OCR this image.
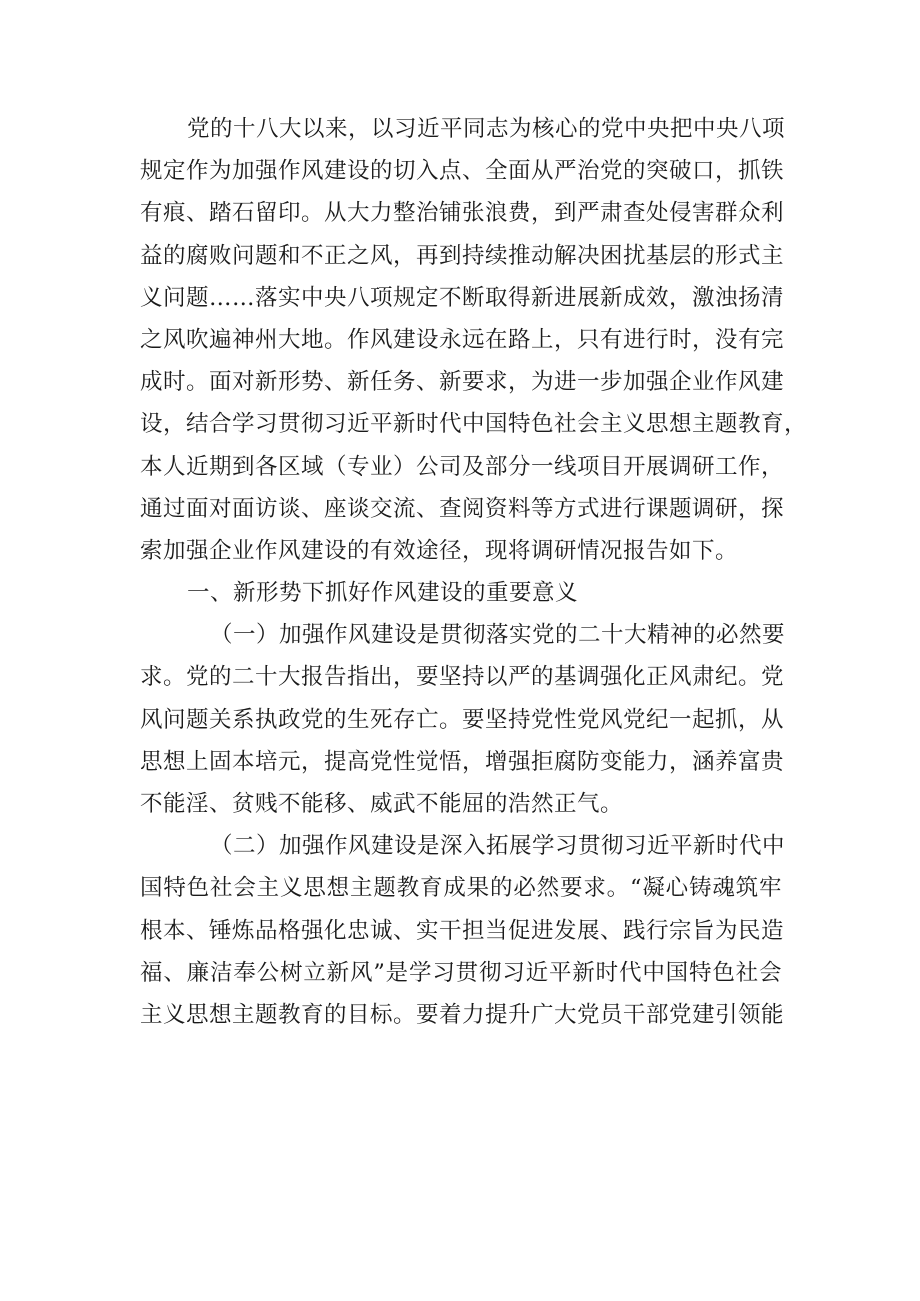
党的十八大以来，以习近平同志为核心的党中央把中央八项
规定作为加强作风建设的切入点、全面从严治党的突破口，抓铁
有痕、踏石留印。从大力整治铺张浪费，到严肃查处侵害群众利
益的腐败问题和不正之风，再到持续推动解决困扰基层的形式主
义问题……落实中央八项规定不断取得新进展新成效，激浊扬清
之风吹遍神州大地。作风建设永远在路上，只有进行时，没有完
成时。面对新形势、新任务、新要求，为进一步加强企业作风建
设，结合学习贯彻习近平新时代中国特色社会主义思想主题教育，
本人近期到各区域（专业）公司及部分一线项目开展调研工作，
通过面对面访谈、座谈交流、查阅资料等方式进行课题调研，探
索加强企业作风建设的有效途径，现将调研情况报告如下。
一、新形势下抓好作风建设的重要意义
（一）加强作风建设是贯彻落实党的二十大精神的必然要
求。党的二十大报告指出，要坚持以严的基调强化正风肃纪。党
风问题关系执政党的生死存亡。要坚持党性党风党纪一起抓，从
思想上固本培元，提高党性觉悟，增强拒腐防变能力，涵养富贵
不能淫、贫贱不能移、威武不能屈的浩然正气。
（二）加强作风建设是深入拓展学习贯彻习近平新时代中
国特色社会主义思想主题教育成果的必然要求。“凝心铸魂筑牢
根本、锤炼品格强化忠诚、实干担当促进发展、践行宗旨为民造
福、廉洁奉公树立新风”是学习贯彻习近平新时代中国特色社会
主义思想主题教育的目标。要着力提升广大党员干部党建引领能
